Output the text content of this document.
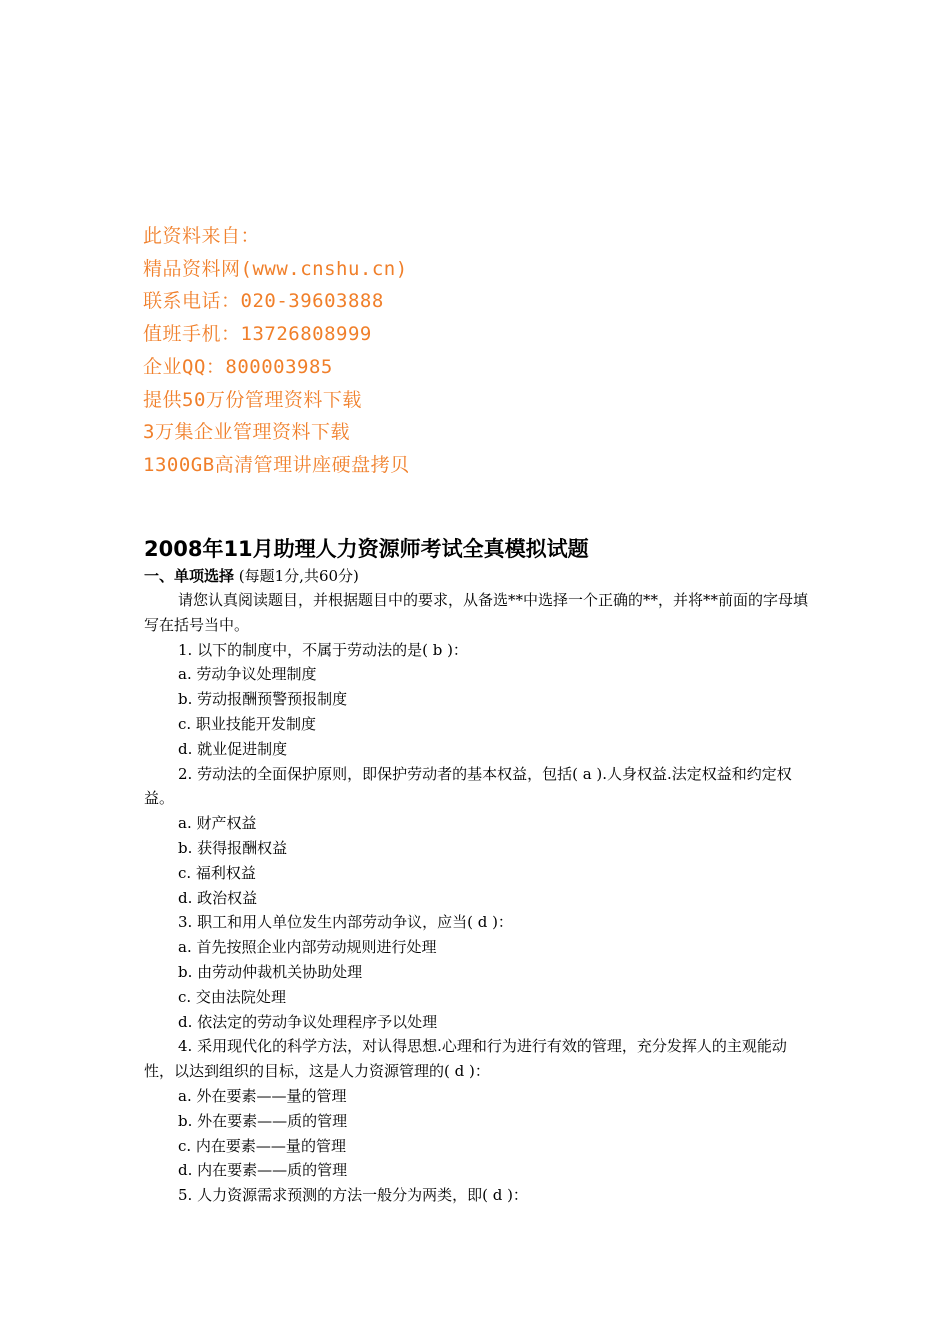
此资料来自：
精品资料网(www.cnshu.cn)
联系电话：020-39603888
值班手机：13726808999
企业QQ：800003985
提供50万份管理资料下载
3万集企业管理资料下载
1300GB高清管理讲座硬盘拷贝
2008年11月助理人力资源师考试全真模拟试题
一、单项选择 (每题1分,共60分)
请您认真阅读题目，并根据题目中的要求，从备选**中选择一个正确的**，并将**前面的字母填写在括号当中。
1. 以下的制度中，不属于劳动法的是( b )：
a. 劳动争议处理制度
b. 劳动报酬预警预报制度
c. 职业技能开发制度
d. 就业促进制度
2. 劳动法的全面保护原则，即保护劳动者的基本权益，包括( a ).人身权益.法定权益和约定权益。
a. 财产权益
b. 获得报酬权益
c. 福利权益
d. 政治权益
3. 职工和用人单位发生内部劳动争议，应当( d )：
a. 首先按照企业内部劳动规则进行处理
b. 由劳动仲裁机关协助处理
c. 交由法院处理
d. 依法定的劳动争议处理程序予以处理
4. 采用现代化的科学方法，对认得思想.心理和行为进行有效的管理，充分发挥人的主观能动性，以达到组织的目标，这是人力资源管理的( d )：
a. 外在要素——量的管理
b. 外在要素——质的管理
c. 内在要素——量的管理
d. 内在要素——质的管理
5. 人力资源需求预测的方法一般分为两类，即( d )：
